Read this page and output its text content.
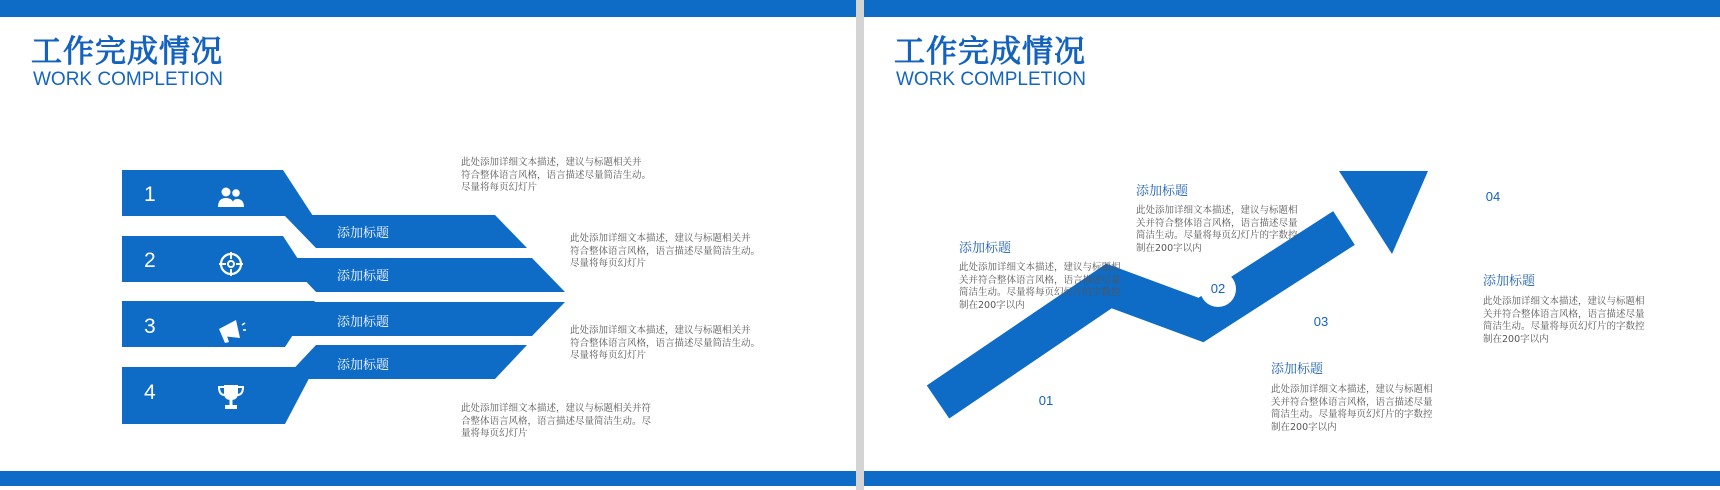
工作完成情况
WORK COMPLETION
1
2
3
4
添加标题
添加标题
添加标题
添加标题
此处添加详细文本描述，建议与标题相关并
符合整体语言风格，语言描述尽量简洁生动。
尽量将每页幻灯片
此处添加详细文本描述，建议与标题相关并
符合整体语言风格，语言描述尽量简洁生动。
尽量将每页幻灯片
此处添加详细文本描述，建议与标题相关并
符合整体语言风格，语言描述尽量简洁生动。
尽量将每页幻灯片
此处添加详细文本描述，建议与标题相关并符
合整体语言风格，语言描述尽量简洁生动。尽
量将每页幻灯片
工作完成情况
WORK COMPLETION
01
02
03
04
添加标题
此处添加详细文本描述，建议与标题相
关并符合整体语言风格，语言描述尽量
简洁生动。尽量将每页幻灯片的字数控
制在200字以内
添加标题
此处添加详细文本描述，建议与标题相
关并符合整体语言风格，语言描述尽量
简洁生动。尽量将每页幻灯片的字数控
制在200字以内
添加标题
此处添加详细文本描述，建议与标题相
关并符合整体语言风格，语言描述尽量
简洁生动。尽量将每页幻灯片的字数控
制在200字以内
添加标题
此处添加详细文本描述，建议与标题相
关并符合整体语言风格，语言描述尽量
简洁生动。尽量将每页幻灯片的字数控
制在200字以内
